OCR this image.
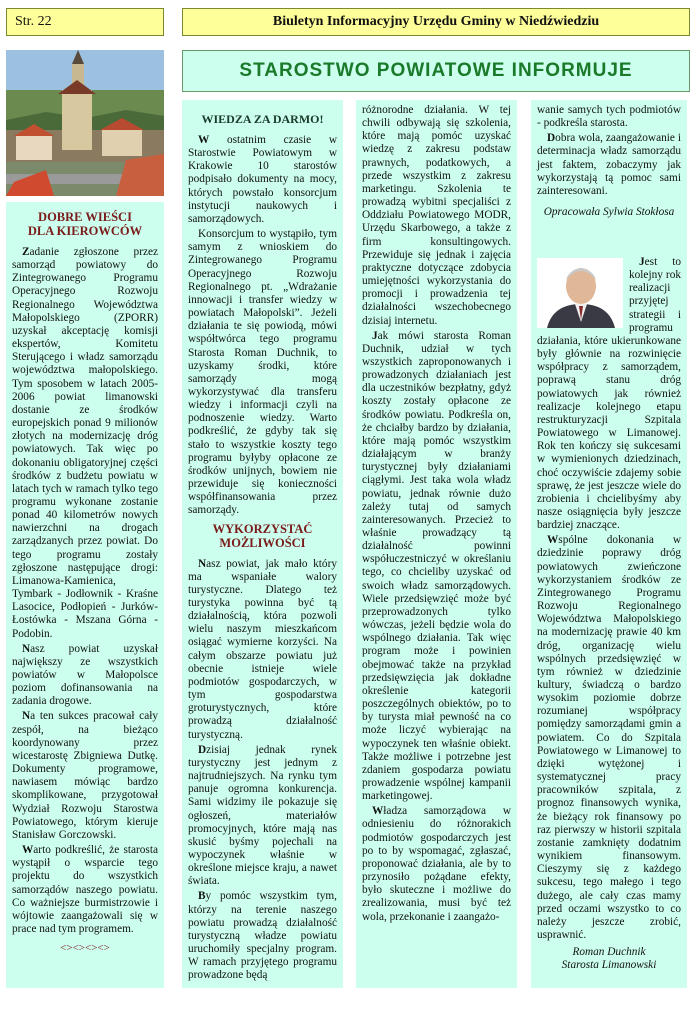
Str. 22	Biuletyn Informacyjny Urzędu Gminy w Niedźwiedziu
STAROSTWO POWIATOWE INFORMUJE
DOBRE WIEŚCI
DLA KIEROWCÓW

Zadanie zgłoszone przez samorząd powiatowy do Zintegrowanego Programu Operacyjnego Rozwoju Regionalnego Województwa Małopolskiego (ZPORR) uzyskał akceptację komisji ekspertów, Komitetu Sterującego i władz samorządu województwa małopolskiego. Tym sposobem w latach 2005-2006 powiat limanowski dostanie ze środków europejskich ponad 9 milionów złotych na modernizację dróg powiatowych. Tak więc po dokonaniu obligatoryjnej części środków z budżetu powiatu w latach tych w ramach tylko tego programu wykonane zostanie ponad 40 kilometrów nowych nawierzchni na drogach zarządzanych przez powiat. Do tego programu zostały zgłoszone następujące drogi: Limanowa-Kamienica, Tymbark - Jodłownik - Kraśne Lasocice, Podłopień - Jurków-Łostówka - Mszana Górna - Podobin.

Nasz powiat uzyskał największy ze wszystkich powiatów w Małopolsce poziom dofinansowania na zadania drogowe.

Na ten sukces pracował cały zespół, na bieżąco koordynowany przez wicestarostę Zbigniewa Dutkę. Dokumenty programowe, nawiasem mówiąc bardzo skomplikowane, przygotował Wydział Rozwoju Starostwa Powiatowego, którym kieruje Stanisław Gorczowski.

Warto podkreślić, że starosta wystąpił o wsparcie tego projektu do wszystkich samorządów naszego powiatu. Co ważniejsze burmistrzowie i wójtowie zaangażowali się w prace nad tym programem.

<><><><>
WIEDZA ZA DARMO!

W ostatnim czasie w Starostwie Powiatowym w Krakowie 10 starostów podpisało dokumenty na mocy, których powstało konsorcjum instytucji naukowych i samorządowych.

Konsorcjum to wystąpiło, tym samym z wnioskiem do Zintegrowanego Programu Operacyjnego Rozwoju Regionalnego pt. „Wdrażanie innowacji i transfer wiedzy w powiatach Małopolski”. Jeżeli działania te się powiodą, mówi współtwórca tego programu Starosta Roman Duchnik, to uzyskamy środki, które samorządy mogą wykorzystywać dla transferu wiedzy i informacji czyli na podnoszenie wiedzy. Warto podkreślić, że gdyby tak się stało to wszystkie koszty tego programu byłyby opłacone ze środków unijnych, bowiem nie przewiduje się konieczności współfinansowania przez samorządy.

WYKORZYSTAĆ
MOŻLIWOŚCI

Nasz powiat, jak mało który ma wspaniałe walory turystyczne. Dlatego też turystyka powinna być tą działalnością, która pozwoli wielu naszym mieszkańcom osiągać wymierne korzyści. Na całym obszarze powiatu już obecnie istnieje wiele podmiotów gospodarczych, w tym gospodarstwa groturystycznych, które prowadzą działalność turystyczną.

Dzisiaj jednak rynek turystyczny jest jednym z najtrudniejszych. Na rynku tym panuje ogromna konkurencja. Sami widzimy ile pokazuje się ogłoszeń, materiałów promocyjnych, które mają nas skusić byśmy pojechali na wypoczynek właśnie w określone miejsce kraju, a nawet świata.

By pomóc wszystkim tym, którzy na terenie naszego powiatu prowadzą działalność turystyczną władze powiatu uruchomiły specjalny program. W ramach przyjętego programu prowadzone będą

różnorodne działania. W tej chwili odbywają się szkolenia, które mają pomóc uzyskać wiedzę z zakresu podstaw prawnych, podatkowych, a przede wszystkim z zakresu marketingu. Szkolenia te prowadzą wybitni specjaliści z Oddziału Powiatowego MODR, Urzędu Skarbowego, a także z firm konsultingowych. Przewiduje się jednak i zajęcia praktyczne dotyczące zdobycia umiejętności wykorzystania do promocji i prowadzenia tej działalności wszechobecnego dzisiaj internetu.

Jak mówi starosta Roman Duchnik, udział w tych wszystkich zaproponowanych i prowadzonych działaniach jest dla uczestników bezpłatny, gdyż koszty zostały opłacone ze środków powiatu. Podkreśla on, że chciałby bardzo by działania, które mają pomóc wszystkim działającym w branży turystycznej były działaniami ciągłymi. Jest taka wola władz powiatu, jednak równie dużo zależy tutaj od samych zainteresowanych. Przecież to właśnie prowadzący tą działalność powinni współuczestniczyć w określaniu tego, co chcieliby uzyskać od swoich władz samorządowych. Wiele przedsięwzięć może być przeprowadzonych tylko wówczas, jeżeli będzie wola do wspólnego działania. Tak więc program może i powinien obejmować także na przykład przedsięwzięcia jak dokładne określenie kategorii poszczególnych obiektów, po to by turysta miał pewność na co może liczyć wybierając na wypoczynek ten właśnie obiekt. Także możliwe i potrzebne jest zdaniem gospodarza powiatu prowadzenie wspólnej kampanii marketingowej.

Władza samorządowa w odniesieniu do różnorakich podmiotów gospodarczych jest po to by wspomagać, zgłaszać, proponować działania, ale by to przynosiło pożądane efekty, było skuteczne i możliwe do zrealizowania, musi być też wola, przekonanie i zaangażo-

wanie samych tych podmiotów - podkreśla starosta.

Dobra wola, zaangażowanie i determinacja władz samorządu jest faktem, zobaczymy jak wykorzystają tą pomoc sami zainteresowani.

Opracowała Sylwia Stokłosa

Jest to kolejny rok realizacji przyjętej strategii i programu działania, które ukierunkowane były głównie na rozwinięcie współpracy z samorządem, poprawą stanu dróg powiatowych jak również realizacje kolejnego etapu restrukturyzacji Szpitala Powiatowego w Limanowej. Rok ten kończy się sukcesami w wymienionych dziedzinach, choć oczywiście zdajemy sobie sprawę, że jest jeszcze wiele do zrobienia i chcielibyśmy aby nasze osiągnięcia były jeszcze bardziej znaczące.

Wspólne dokonania w dziedzinie poprawy dróg powiatowych zwieńczone wykorzystaniem środków ze Zintegrowanego Programu Rozwoju Regionalnego Województwa Małopolskiego na modernizację prawie 40 km dróg, organizację wielu wspólnych przedsięwzięć w tym również w dziedzinie kultury, świadczą o bardzo wysokim poziomie dobrze rozumianej współpracy pomiędzy samorządami gmin a powiatem. Co do Szpitala Powiatowego w Limanowej to dzięki wytężonej i systematycznej pracy pracowników szpitala, z prognoz finansowych wynika, że bieżący rok finansowy po raz pierwszy w historii szpitala zostanie zamknięty dodatnim wynikiem finansowym. Cieszymy się z każdego sukcesu, tego małego i tego dużego, ale cały czas mamy przed oczami wszystko to co należy jeszcze zrobić, usprawnić.

Roman Duchnik
Starosta Limanowski
